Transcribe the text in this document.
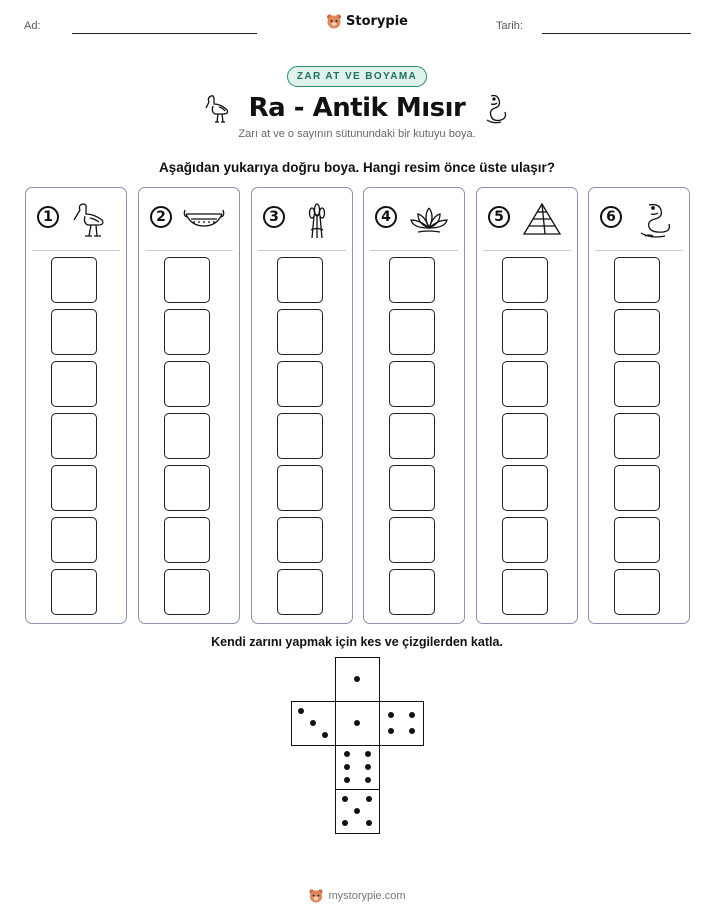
Ad:	Storypie	Tarih:
ZAR AT VE BOYAMA
Ra - Antik Mısır
Zarı at ve o sayının sütunundaki bir kutuyu boya.
Aşağıdan yukarıya doğru boya. Hangi resim önce üste ulaşır?
1	2	3	4	5	6
Kendi zarını yapmak için kes ve çizgilerden katla.
mystorypie.com
